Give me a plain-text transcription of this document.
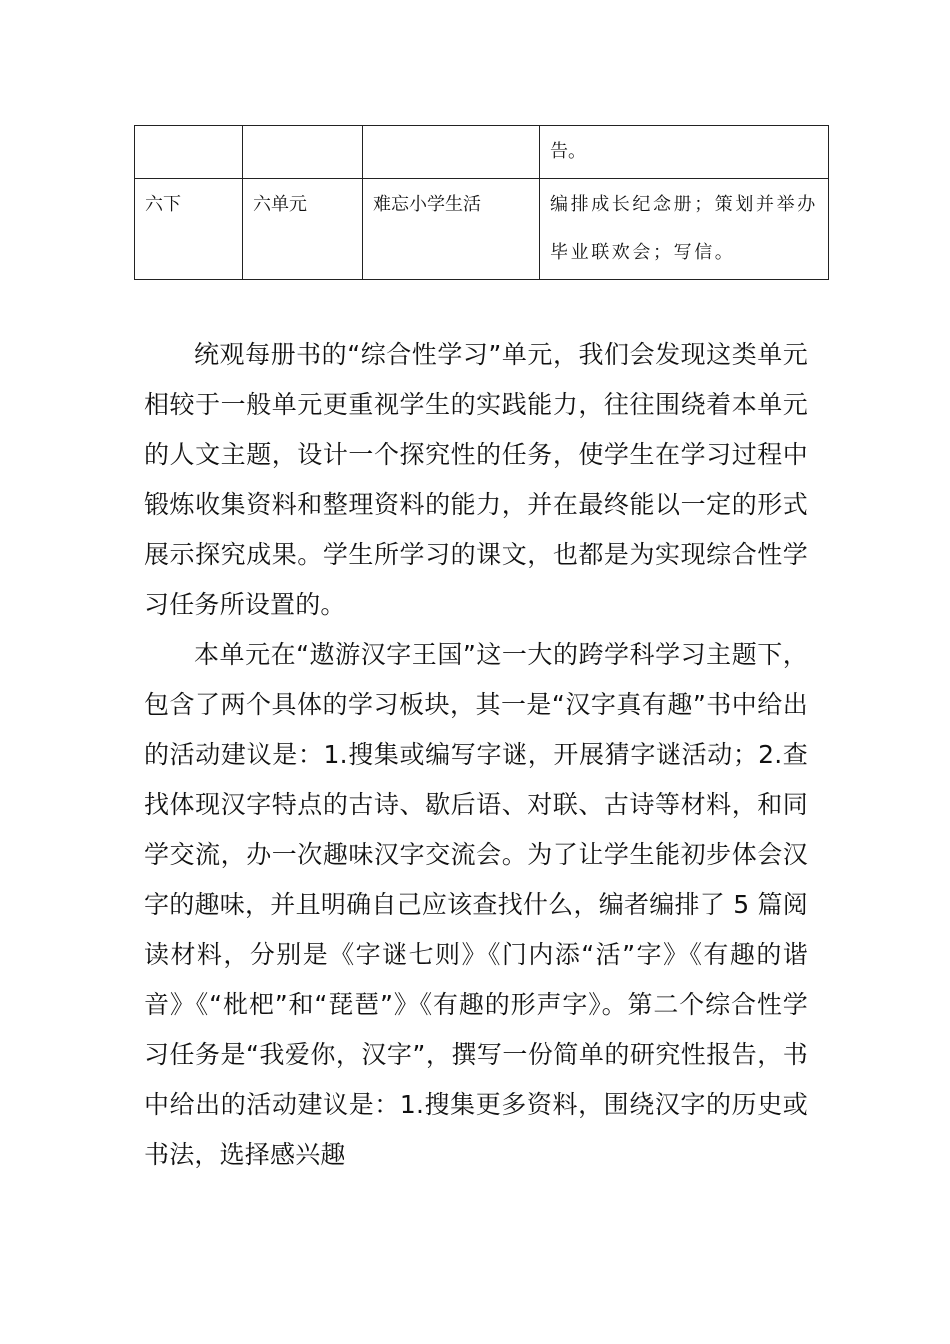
			告。
六下	六单元	难忘小学生活	编排成长纪念册；策划并举办毕业联欢会；写信。

统观每册书的“综合性学习”单元，我们会发现这类单元相较于一般单元更重视学生的实践能力，往往围绕着本单元的人文主题，设计一个探究性的任务，使学生在学习过程中锻炼收集资料和整理资料的能力，并在最终能以一定的形式展示探究成果。学生所学习的课文，也都是为实现综合性学习任务所设置的。

本单元在“遨游汉字王国”这一大的跨学科学习主题下，包含了两个具体的学习板块，其一是“汉字真有趣”书中给出的活动建议是：1.搜集或编写字谜，开展猜字谜活动；2.查找体现汉字特点的古诗、歇后语、对联、古诗等材料，和同学交流，办一次趣味汉字交流会。为了让学生能初步体会汉字的趣味，并且明确自己应该查找什么，编者编排了 5 篇阅读材料，分别是《字谜七则》《门内添“活”字》《有趣的谐音》《“枇杷”和“琵琶”》《有趣的形声字》。第二个综合性学习任务是“我爱你，汉字”，撰写一份简单的研究性报告，书中给出的活动建议是：1.搜集更多资料，围绕汉字的历史或书法，选择感兴趣
